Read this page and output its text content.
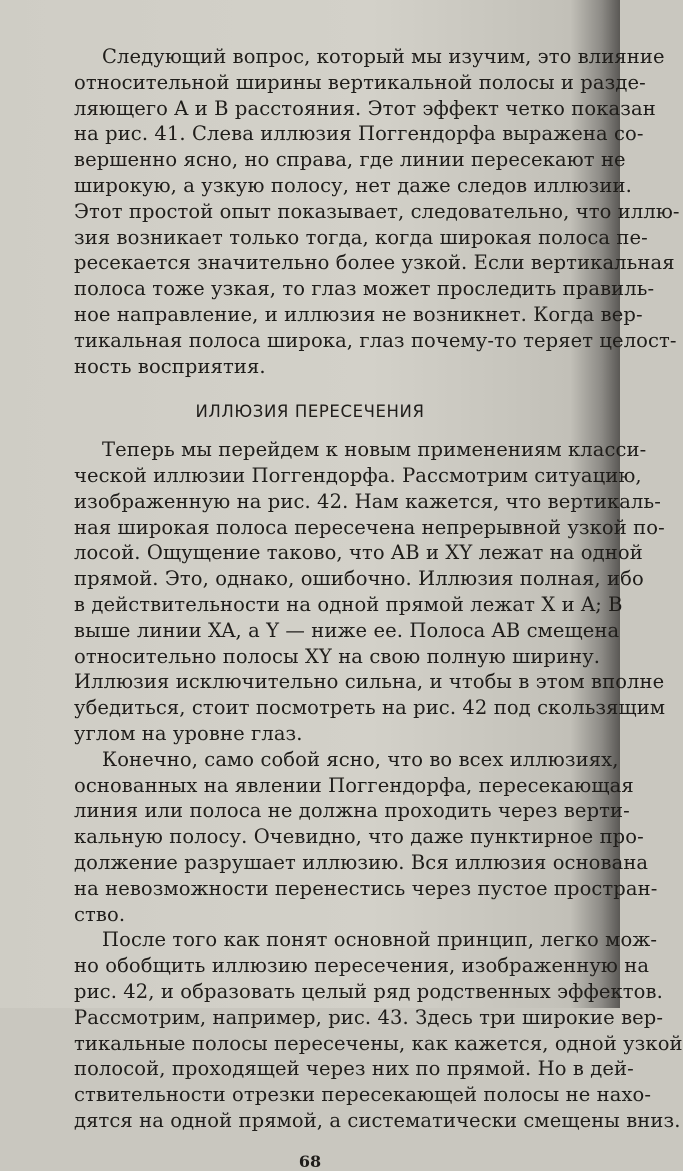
ИЛЛЮЗИЯ ПЕРЕСЕЧЕНИЯ
68
Следующий вопрос, который мы изучим, это влияние
относительной ширины вертикальной полосы и разде-
ляющего A и B расстояния. Этот эффект четко показан
на рис. 41. Слева иллюзия Поггендорфа выражена со-
вершенно ясно, но справа, где линии пересекают не
широкую, а узкую полосу, нет даже следов иллюзии.
Этот простой опыт показывает, следовательно, что иллю-
зия возникает только тогда, когда широкая полоса пе-
ресекается значительно более узкой. Если вертикальная
полоса тоже узкая, то глаз может проследить правиль-
ное направление, и иллюзия не возникнет. Когда вер-
тикальная полоса широка, глаз почему-то теряет целост-
ность восприятия.
Теперь мы перейдем к новым применениям класси-
ческой иллюзии Поггендорфа. Рассмотрим ситуацию,
изображенную на рис. 42. Нам кажется, что вертикаль-
ная широкая полоса пересечена непрерывной узкой по-
лосой. Ощущение таково, что AB и XY лежат на одной
прямой. Это, однако, ошибочно. Иллюзия полная, ибо
в действительности на одной прямой лежат X и A; B
выше линии XA, а Y — ниже ее. Полоса AB смещена
относительно полосы XY на свою полную ширину.
Иллюзия исключительно сильна, и чтобы в этом вполне
убедиться, стоит посмотреть на рис. 42 под скользящим
углом на уровне глаз.
Конечно, само собой ясно, что во всех иллюзиях,
основанных на явлении Поггендорфа, пересекающая
линия или полоса не должна проходить через верти-
кальную полосу. Очевидно, что даже пунктирное про-
должение разрушает иллюзию. Вся иллюзия основана
на невозможности перенестись через пустое простран-
ство.
После того как понят основной принцип, легко мож-
но обобщить иллюзию пересечения, изображенную на
рис. 42, и образовать целый ряд родственных эффектов.
Рассмотрим, например, рис. 43. Здесь три широкие вер-
тикальные полосы пересечены, как кажется, одной узкой
полосой, проходящей через них по прямой. Но в дей-
ствительности отрезки пересекающей полосы не нахо-
дятся на одной прямой, а систематически смещены вниз.
